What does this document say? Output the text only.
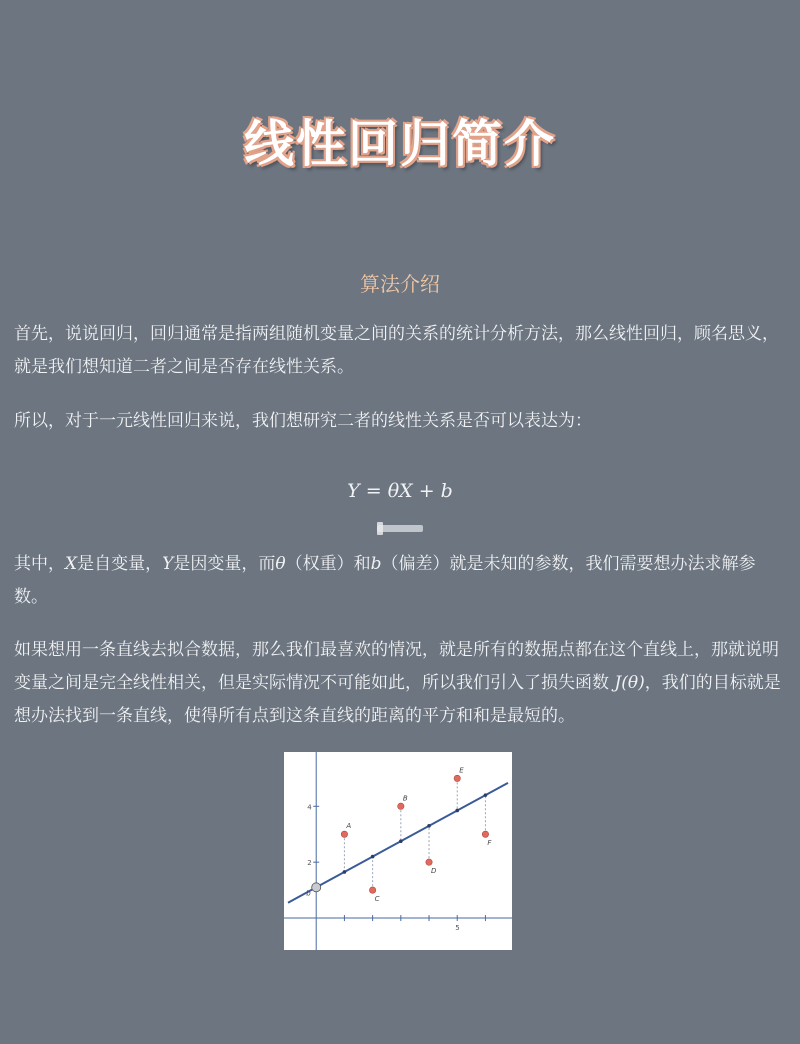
线性回归简介
算法介绍

首先，说说回归，回归通常是指两组随机变量之间的关系的统计分析方法，那么线性回归，顾名思义，就是我们想知道二者之间是否存在线性关系。

所以，对于一元线性回归来说，我们想研究二者的线性关系是否可以表达为：

Y = θX + b

其中，X是自变量，Y是因变量，而θ（权重）和b（偏差）就是未知的参数，我们需要想办法求解参数。

如果想用一条直线去拟合数据，那么我们最喜欢的情况，就是所有的数据点都在这个直线上，那就说明变量之间是完全线性相关，但是实际情况不可能如此，所以我们引入了损失函数 J(θ)，我们的目标就是想办法找到一条直线，使得所有点到这条直线的距离的平方和和是最短的。

2
4
5
A
B
C
D
E
F
b
